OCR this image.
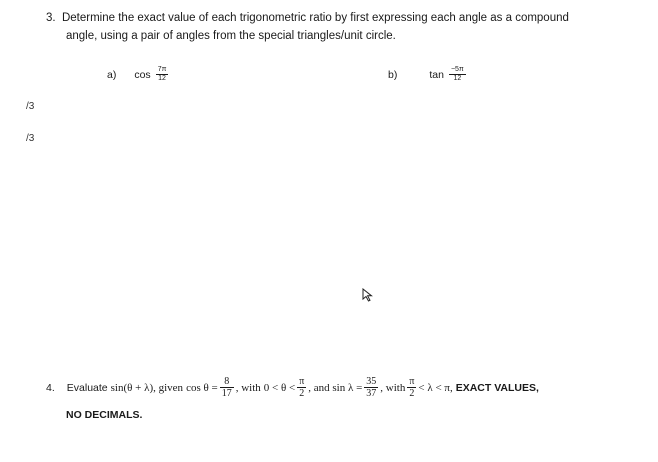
3. Determine the exact value of each trigonometric ratio by first expressing each angle as a compound
angle, using a pair of angles from the special triangles/unit circle.
a) $\cos \frac{7\pi}{12}$	b)	$\tan \frac{-5\pi}{12}$
/3
/3
4. Evaluate sin(θ + λ), given $\cos \theta = \frac{8}{17}$ , with $0 < \theta < \frac{\pi}{2}$ , and $\sin \lambda = \frac{35}{37}$ , with $\frac{\pi}{2} < \lambda < \pi$, EXACT VALUES,
NO DECIMALS.
